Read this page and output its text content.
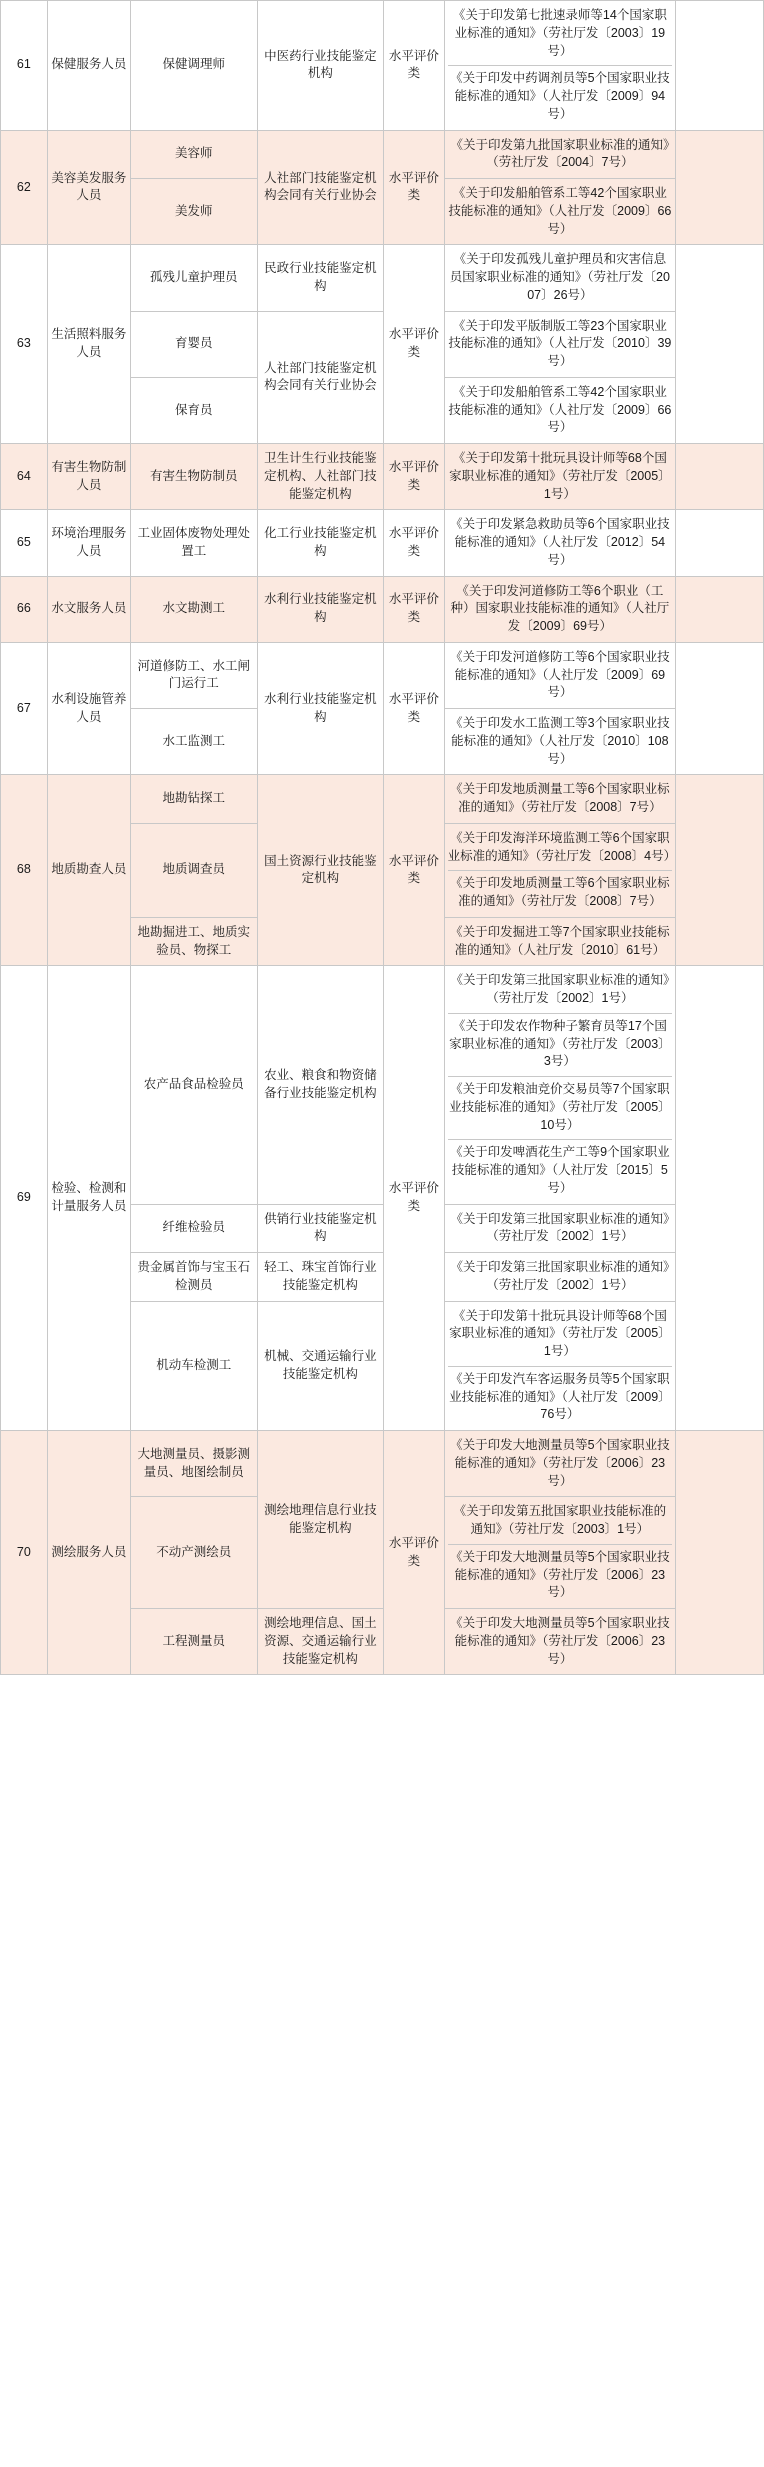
61	保健服务人员	保健调理师	中医药行业技能鉴定机构	水平评价类	《关于印发第七批速录师等14个国家职业标准的通知》（劳社厅发〔2003〕19号）
《关于印发中药调剂员等5个国家职业技能标准的通知》（人社厅发〔2009〕94号）	

62	美容美发服务人员	美容师	人社部门技能鉴定机构会同有关行业协会	水平评价类	《关于印发第九批国家职业标准的通知》（劳社厅发〔2004〕7号）	

		美发师			《关于印发船舶管系工等42个国家职业技能标准的通知》（人社厅发〔2009〕66号）	

63	生活照料服务人员	孤残儿童护理员	民政行业技能鉴定机构	水平评价类	《关于印发孤残儿童护理员和灾害信息员国家职业标准的通知》（劳社厅发〔2007〕26号）	

		育婴员	人社部门技能鉴定机构会同有关行业协会		《关于印发平版制版工等23个国家职业技能标准的通知》（人社厅发〔2010〕39号）	

		保育员			《关于印发船舶管系工等42个国家职业技能标准的通知》（人社厅发〔2009〕66号）	

64	有害生物防制人员	有害生物防制员	卫生计生行业技能鉴定机构、人社部门技能鉴定机构	水平评价类	《关于印发第十批玩具设计师等68个国家职业标准的通知》（劳社厅发〔2005〕1号）	

65	环境治理服务人员	工业固体废物处理处置工	化工行业技能鉴定机构	水平评价类	《关于印发紧急救助员等6个国家职业技能标准的通知》（人社厅发〔2012〕54号）	

66	水文服务人员	水文勘测工	水利行业技能鉴定机构	水平评价类	《关于印发河道修防工等6个职业（工种）国家职业技能标准的通知》（人社厅发〔2009〕69号）	

67	水利设施管养人员	河道修防工、水工闸门运行工	水利行业技能鉴定机构	水平评价类	《关于印发河道修防工等6个国家职业技能标准的通知》（人社厅发〔2009〕69号）	

		水工监测工			《关于印发水工监测工等3个国家职业技能标准的通知》（人社厅发〔2010〕108号）	

68	地质勘查人员	地勘钻探工	国土资源行业技能鉴定机构	水平评价类	《关于印发地质测量工等6个国家职业标准的通知》（劳社厅发〔2008〕7号）	

		地质调查员			《关于印发海洋环境监测工等6个国家职业标准的通知》（劳社厅发〔2008〕4号）
《关于印发地质测量工等6个国家职业标准的通知》（劳社厅发〔2008〕7号）	

		地勘掘进工、地质实验员、物探工			《关于印发掘进工等7个国家职业技能标准的通知》（人社厅发〔2010〕61号）	

69	检验、检测和计量服务人员	农产品食品检验员	农业、粮食和物资储备行业技能鉴定机构	水平评价类	《关于印发第三批国家职业标准的通知》（劳社厅发〔2002〕1号）
《关于印发农作物种子繁育员等17个国家职业标准的通知》（劳社厅发〔2003〕3号）
《关于印发粮油竞价交易员等7个国家职业技能标准的通知》（劳社厅发〔2005〕10号）
《关于印发啤酒花生产工等9个国家职业技能标准的通知》（人社厅发〔2015〕5号）	

		纤维检验员	供销行业技能鉴定机构		《关于印发第三批国家职业标准的通知》（劳社厅发〔2002〕1号）	

		贵金属首饰与宝玉石检测员	轻工、珠宝首饰行业技能鉴定机构		《关于印发第三批国家职业标准的通知》（劳社厅发〔2002〕1号）	

		机动车检测工	机械、交通运输行业技能鉴定机构		《关于印发第十批玩具设计师等68个国家职业标准的通知》（劳社厅发〔2005〕1号）
《关于印发汽车客运服务员等5个国家职业技能标准的通知》（人社厅发〔2009〕76号）	

70	测绘服务人员	大地测量员、摄影测量员、地图绘制员	测绘地理信息行业技能鉴定机构	水平评价类	《关于印发大地测量员等5个国家职业技能标准的通知》（劳社厅发〔2006〕23号）	

		不动产测绘员			《关于印发第五批国家职业技能标准的通知》（劳社厅发〔2003〕1号）
《关于印发大地测量员等5个国家职业技能标准的通知》（劳社厅发〔2006〕23号）	

		工程测量员	测绘地理信息、国土资源、交通运输行业技能鉴定机构		《关于印发大地测量员等5个国家职业技能标准的通知》（劳社厅发〔2006〕23号）	
